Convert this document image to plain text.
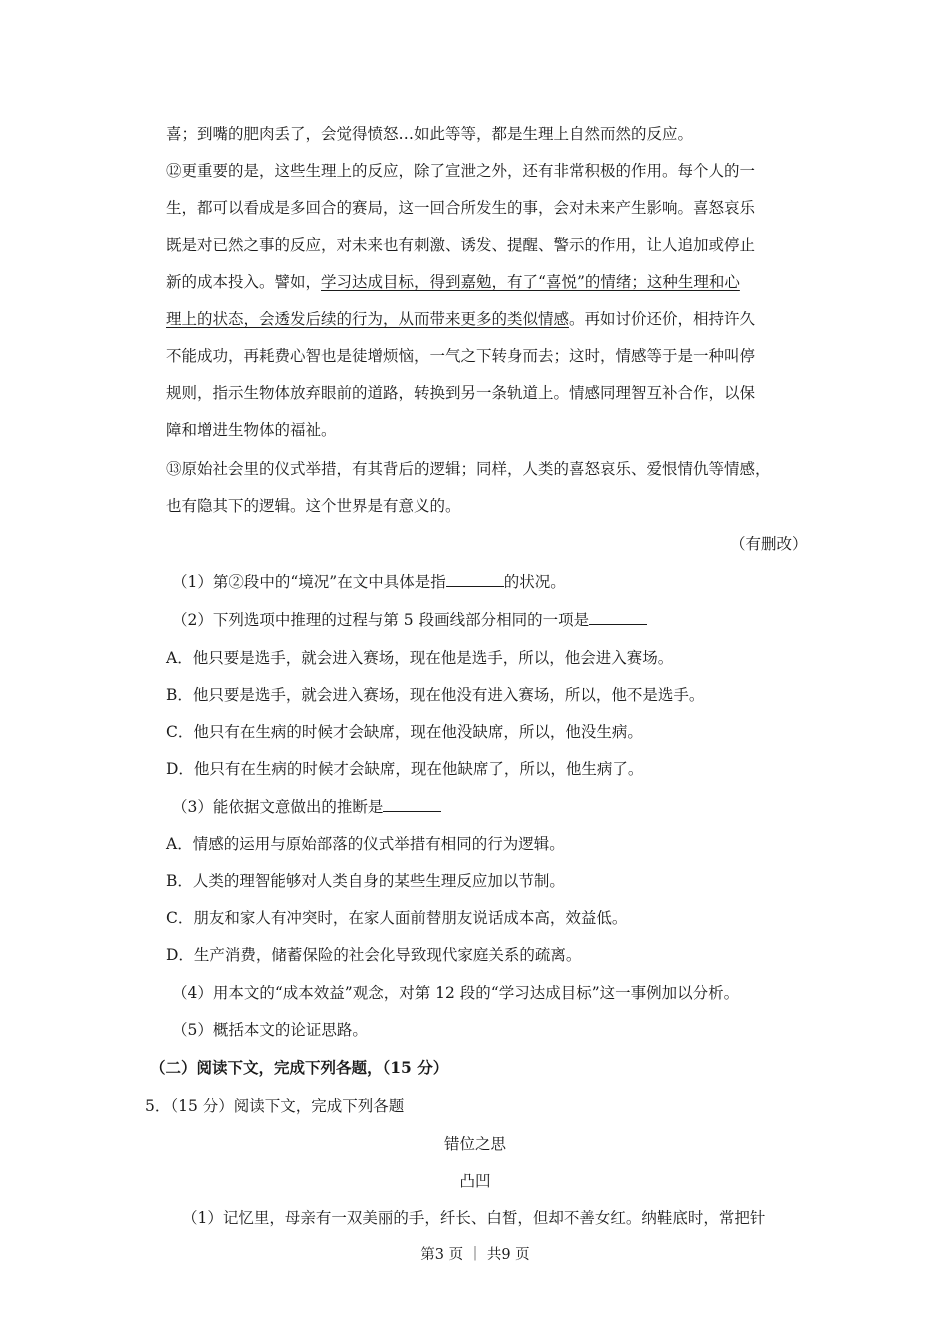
喜；到嘴的肥肉丢了，会觉得愤怒…如此等等，都是生理上自然而然的反应。
⑫更重要的是，这些生理上的反应，除了宣泄之外，还有非常积极的作用。每个人的一
生，都可以看成是多回合的赛局，这一回合所发生的事，会对未来产生影响。喜怒哀乐
既是对已然之事的反应，对未来也有刺激、诱发、提醒、警示的作用，让人追加或停止
新的成本投入。譬如，学习达成目标，得到嘉勉，有了“喜悦”的情绪；这种生理和心
理上的状态，会透发后续的行为，从而带来更多的类似情感。再如讨价还价，相持许久
不能成功，再耗费心智也是徒增烦恼，一气之下转身而去；这时，情感等于是一种叫停
规则，指示生物体放弃眼前的道路，转换到另一条轨道上。情感同理智互补合作，以保
障和增进生物体的福祉。
⑬原始社会里的仪式举措，有其背后的逻辑；同样，人类的喜怒哀乐、爱恨情仇等情感，
也有隐其下的逻辑。这个世界是有意义的。
（有删改）
（1）第②段中的“境况”在文中具体是指	的状况。
（2）下列选项中推理的过程与第 5 段画线部分相同的一项是
A．他只要是选手，就会进入赛场，现在他是选手，所以，他会进入赛场。
B．他只要是选手，就会进入赛场，现在他没有进入赛场，所以，他不是选手。
C．他只有在生病的时候才会缺席，现在他没缺席，所以，他没生病。
D．他只有在生病的时候才会缺席，现在他缺席了，所以，他生病了。
（3）能依据文意做出的推断是
A．情感的运用与原始部落的仪式举措有相同的行为逻辑。
B．人类的理智能够对人类自身的某些生理反应加以节制。
C．朋友和家人有冲突时，在家人面前替朋友说话成本高，效益低。
D．生产消费，储蓄保险的社会化导致现代家庭关系的疏离。
（4）用本文的“成本效益”观念，对第 12 段的“学习达成目标”这一事例加以分析。
（5）概括本文的论证思路。
（二）阅读下文，完成下列各题，（15 分）
5．（15 分）阅读下文，完成下列各题
错位之思
凸凹
（1）记忆里，母亲有一双美丽的手，纤长、白皙，但却不善女红。纳鞋底时，常把针
第3 页 ｜ 共9 页
